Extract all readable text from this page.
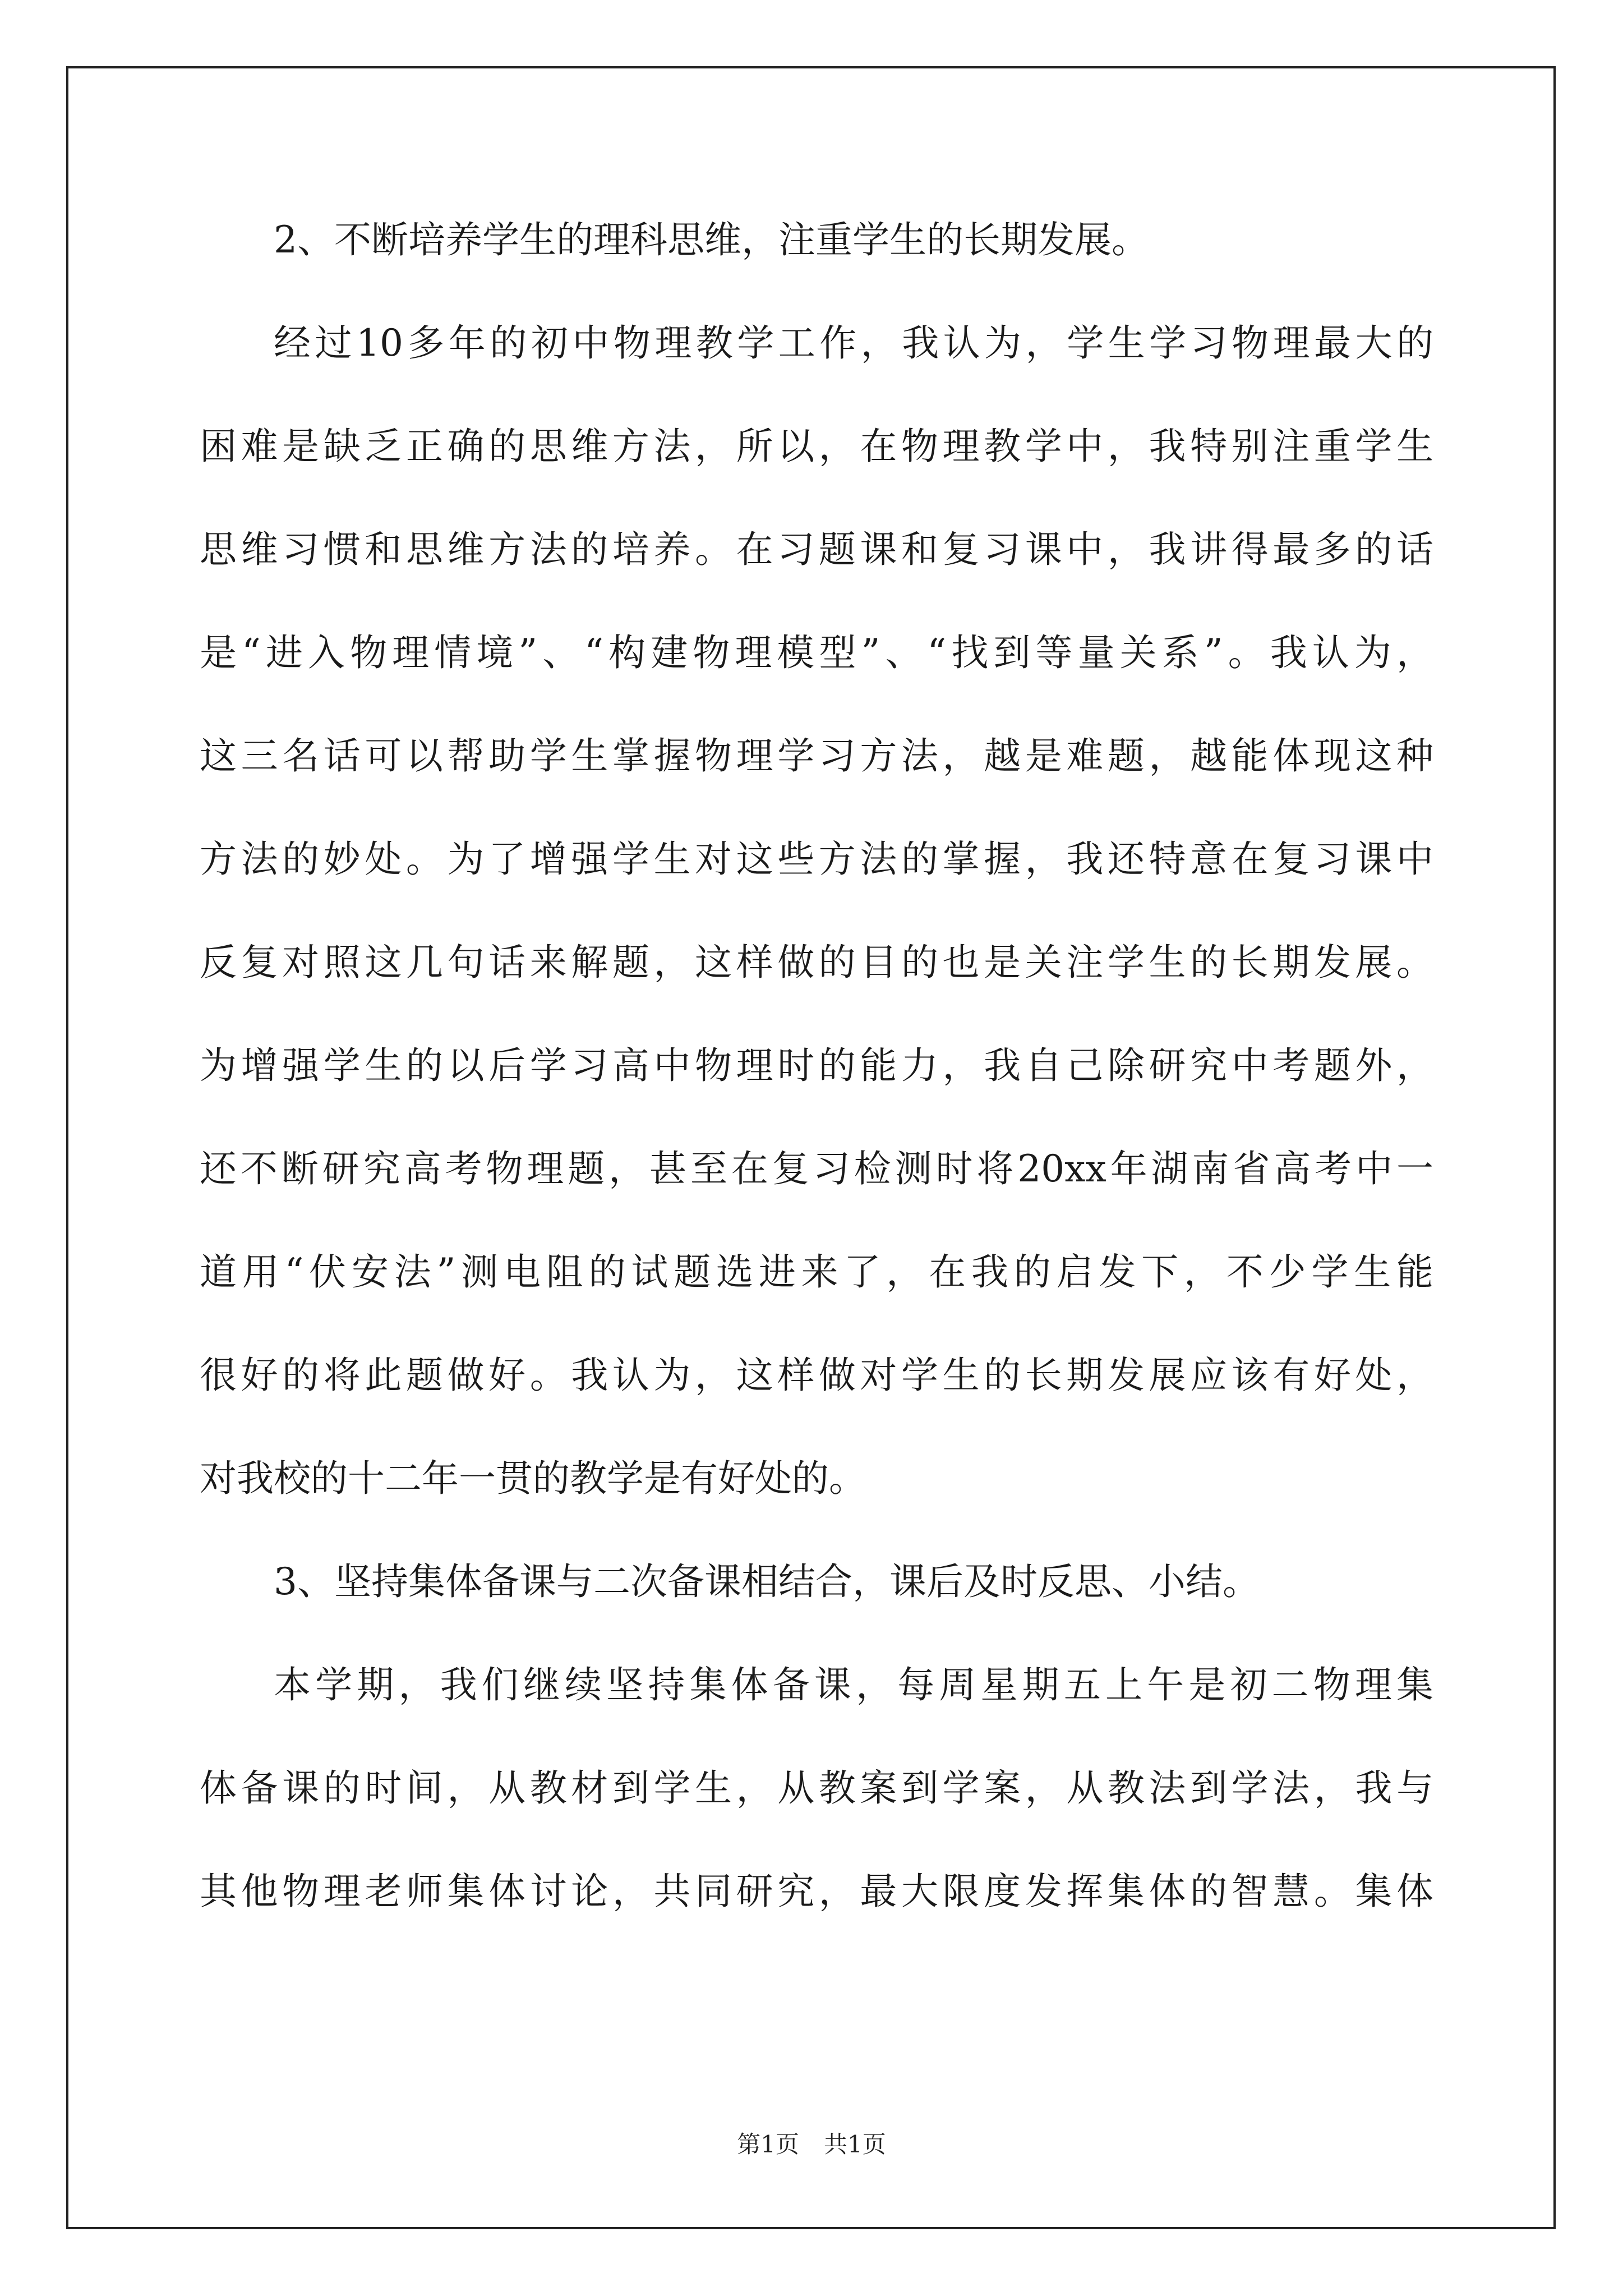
2、不断培养学生的理科思维，注重学生的长期发展。
经过10多年的初中物理教学工作，我认为，学生学习物理最大的
困难是缺乏正确的思维方法，所以，在物理教学中，我特别注重学生
思维习惯和思维方法的培养。在习题课和复习课中，我讲得最多的话
是“进入物理情境”、“构建物理模型”、“找到等量关系”。我认为，
这三名话可以帮助学生掌握物理学习方法，越是难题，越能体现这种
方法的妙处。为了增强学生对这些方法的掌握，我还特意在复习课中
反复对照这几句话来解题，这样做的目的也是关注学生的长期发展。
为增强学生的以后学习高中物理时的能力，我自己除研究中考题外，
还不断研究高考物理题，甚至在复习检测时将20xx年湖南省高考中一
道用“伏安法”测电阻的试题选进来了，在我的启发下，不少学生能
很好的将此题做好。我认为，这样做对学生的长期发展应该有好处，
对我校的十二年一贯的教学是有好处的。
3、坚持集体备课与二次备课相结合，课后及时反思、小结。
本学期，我们继续坚持集体备课，每周星期五上午是初二物理集
体备课的时间，从教材到学生，从教案到学案，从教法到学法，我与
其他物理老师集体讨论，共同研究，最大限度发挥集体的智慧。集体
第1页 共1页
